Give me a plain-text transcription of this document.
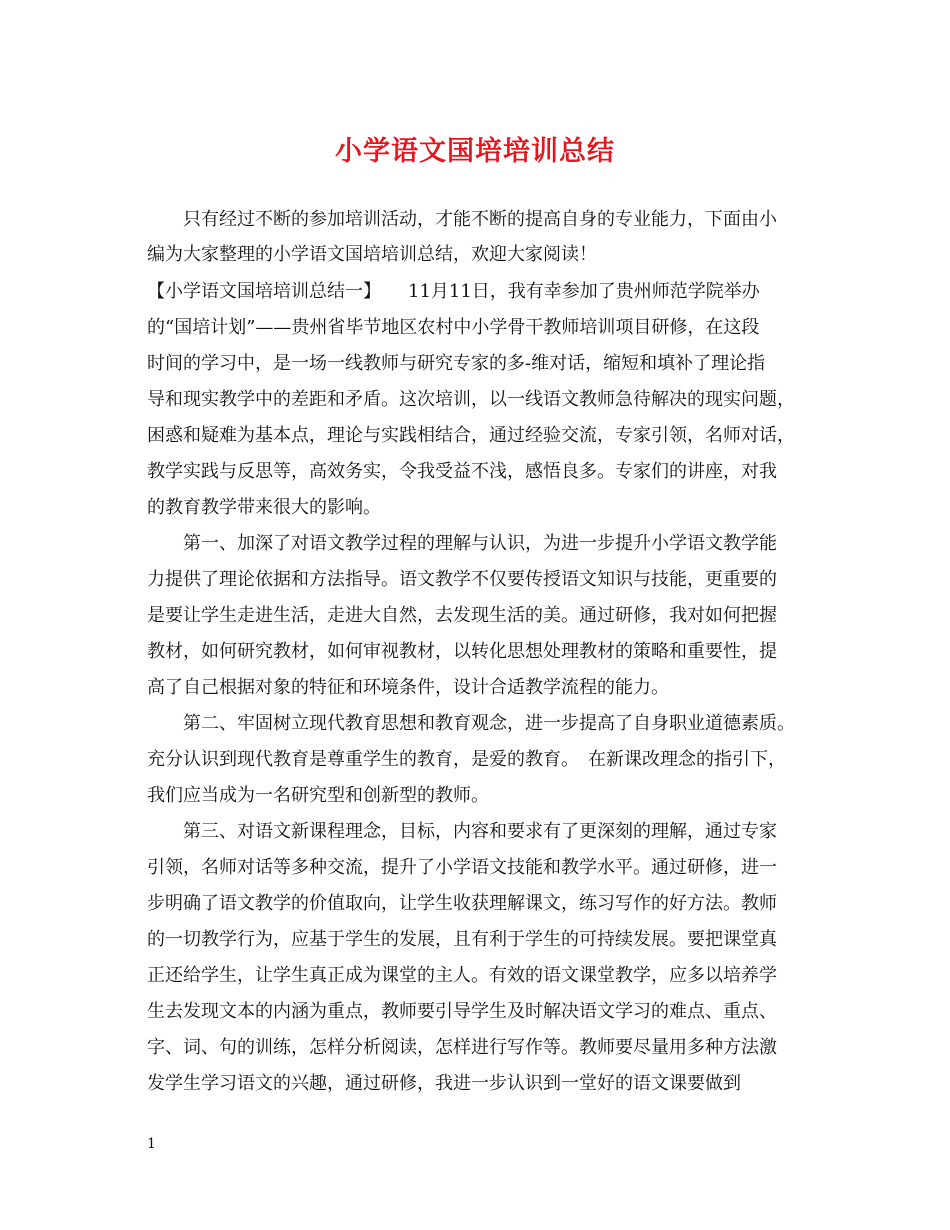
小学语文国培培训总结
　　只有经过不断的参加培训活动，才能不断的提高自身的专业能力，下面由小
编为大家整理的小学语文国培培训总结，欢迎大家阅读！
【小学语文国培培训总结一】　　11月11日，我有幸参加了贵州师范学院举办
的“国培计划”——贵州省毕节地区农村中小学骨干教师培训项目研修，在这段
时间的学习中，是一场一线教师与研究专家的多-维对话，缩短和填补了理论指
导和现实教学中的差距和矛盾。这次培训，以一线语文教师急待解决的现实问题，
困惑和疑难为基本点，理论与实践相结合，通过经验交流，专家引领，名师对话，
教学实践与反思等，高效务实，令我受益不浅，感悟良多。专家们的讲座，对我
的教育教学带来很大的影响。
　　第一、加深了对语文教学过程的理解与认识，为进一步提升小学语文教学能
力提供了理论依据和方法指导。语文教学不仅要传授语文知识与技能，更重要的
是要让学生走进生活，走进大自然，去发现生活的美。通过研修，我对如何把握
教材，如何研究教材，如何审视教材，以转化思想处理教材的策略和重要性，提
高了自己根据对象的特征和环境条件，设计合适教学流程的能力。
　　第二、牢固树立现代教育思想和教育观念，进一步提高了自身职业道德素质。
充分认识到现代教育是尊重学生的教育，是爱的教育。　在新课改理念的指引下，
我们应当成为一名研究型和创新型的教师。
　　第三、对语文新课程理念，目标，内容和要求有了更深刻的理解，通过专家
引领，名师对话等多种交流，提升了小学语文技能和教学水平。通过研修，进一
步明确了语文教学的价值取向，让学生收获理解课文，练习写作的好方法。教师
的一切教学行为，应基于学生的发展，且有利于学生的可持续发展。要把课堂真
正还给学生，让学生真正成为课堂的主人。有效的语文课堂教学，应多以培养学
生去发现文本的内涵为重点，教师要引导学生及时解决语文学习的难点、重点、
字、词、句的训练，怎样分析阅读，怎样进行写作等。教师要尽量用多种方法激
发学生学习语文的兴趣，通过研修，我进一步认识到一堂好的语文课要做到
1
